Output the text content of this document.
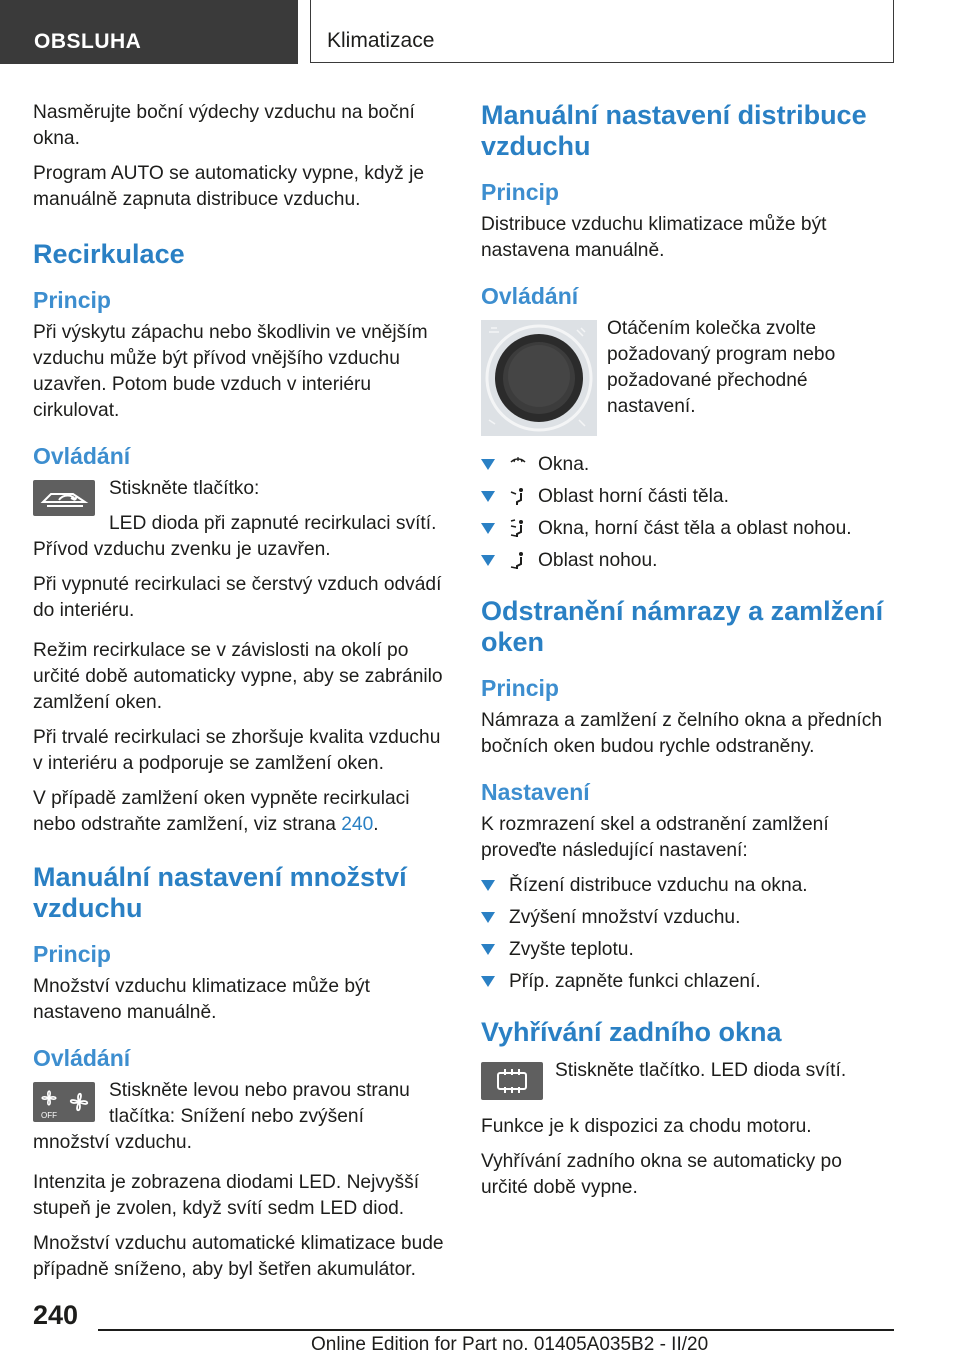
OBSLUHA	Klimatizace

Nasměrujte boční výdechy vzduchu na boční okna.

Program AUTO se automaticky vypne, když je manuálně zapnuta distribuce vzduchu.

Recirkulace
Princip

Při výskytu zápachu nebo škodlivin ve vnějším vzduchu může být přívod vnějšího vzduchu uzavřen. Potom bude vzduch v interiéru cirkulovat.

Ovládání

Stiskněte tlačítko:

LED dioda při zapnuté recirkulaci svítí. Přívod vzduchu zvenku je uzavřen.

Při vypnuté recirkulaci se čerstvý vzduch odvádí do interiéru.

Režim recirkulace se v závislosti na okolí po určité době automaticky vypne, aby se zabránilo zamlžení oken.

Při trvalé recirkulaci se zhoršuje kvalita vzduchu v interiéru a podporuje se zamlžení oken.

V případě zamlžení oken vypněte recirkulaci nebo odstraňte zamlžení, viz strana 240.

Manuální nastavení množství vzduchu
Princip

Množství vzduchu klimatizace může být nastaveno manuálně.

Ovládání
OFF

Stiskněte levou nebo pravou stranu tlačítka: Snížení nebo zvýšení množství vzduchu.

Intenzita je zobrazena diodami LED. Nejvyšší stupeň je zvolen, když svítí sedm LED diod.

Množství vzduchu automatické klimatizace bude případně sníženo, aby byl šetřen akumulátor.

Manuální nastavení distribuce vzduchu
Princip

Distribuce vzduchu klimatizace může být nastavena manuálně.

Ovládání

Otáčením kolečka zvolte požadovaný program nebo požadované přechodné nastavení.

Okna.
Oblast horní části těla.
Okna, horní část těla a oblast nohou.
Oblast nohou.
Odstranění námrazy a zamlžení oken
Princip

Námraza a zamlžení z čelního okna a předních bočních oken budou rychle odstraněny.

Nastavení

K rozmrazení skel a odstranění zamlžení proveďte následující nastavení:

Řízení distribuce vzduchu na okna.
Zvýšení množství vzduchu.
Zvyšte teplotu.
Příp. zapněte funkci chlazení.
Vyhřívání zadního okna

Stiskněte tlačítko. LED dioda svítí.

Funkce je k dispozici za chodu motoru.

Vyhřívání zadního okna se automaticky po určité době vypne.

240
Online Edition for Part no. 01405A035B2 - II/20
